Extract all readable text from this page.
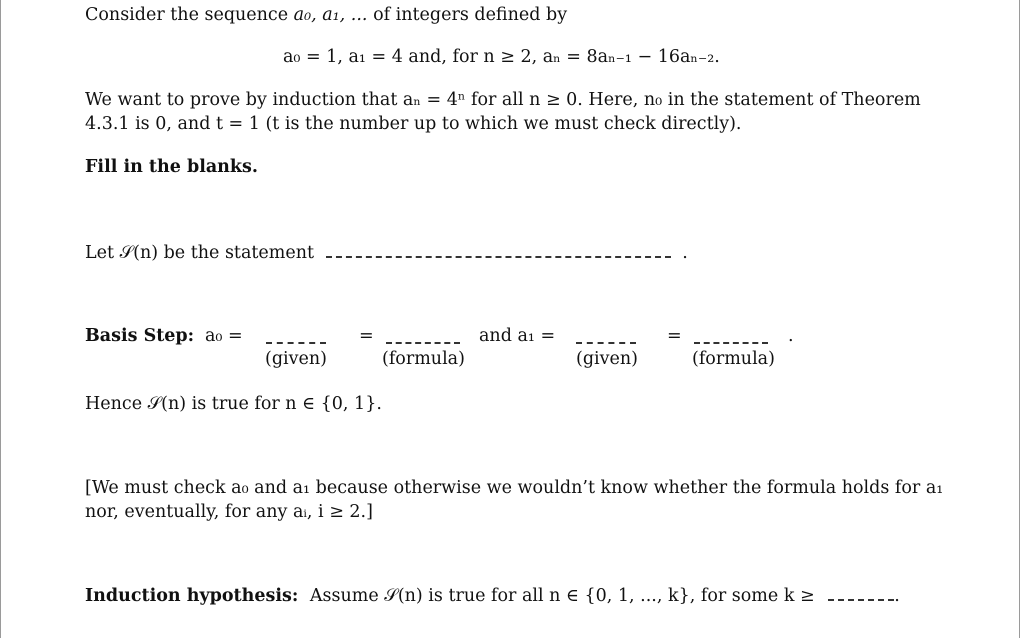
Consider the sequence a₀, a₁, ... of integers defined by
a₀ = 1, a₁ = 4 and, for n ≥ 2, aₙ = 8aₙ₋₁ − 16aₙ₋₂.
We want to prove by induction that aₙ = 4ⁿ for all n ≥ 0. Here, n₀ in the statement of Theorem
4.3.1 is 0, and t = 1 (t is the number up to which we must check directly).
Fill in the blanks.
Let 𝒮(n) be the statement	.
Basis Step: a₀ =	=	and a₁ =	=	.
(given)	(formula)	(given)	(formula)
Hence 𝒮(n) is true for n ∈ {0, 1}.
[We must check a₀ and a₁ because otherwise we wouldn’t know whether the formula holds for a₁
nor, eventually, for any aᵢ, i ≥ 2.]
Induction hypothesis: Assume 𝒮(n) is true for all n ∈ {0, 1, ..., k}, for some k ≥	.
